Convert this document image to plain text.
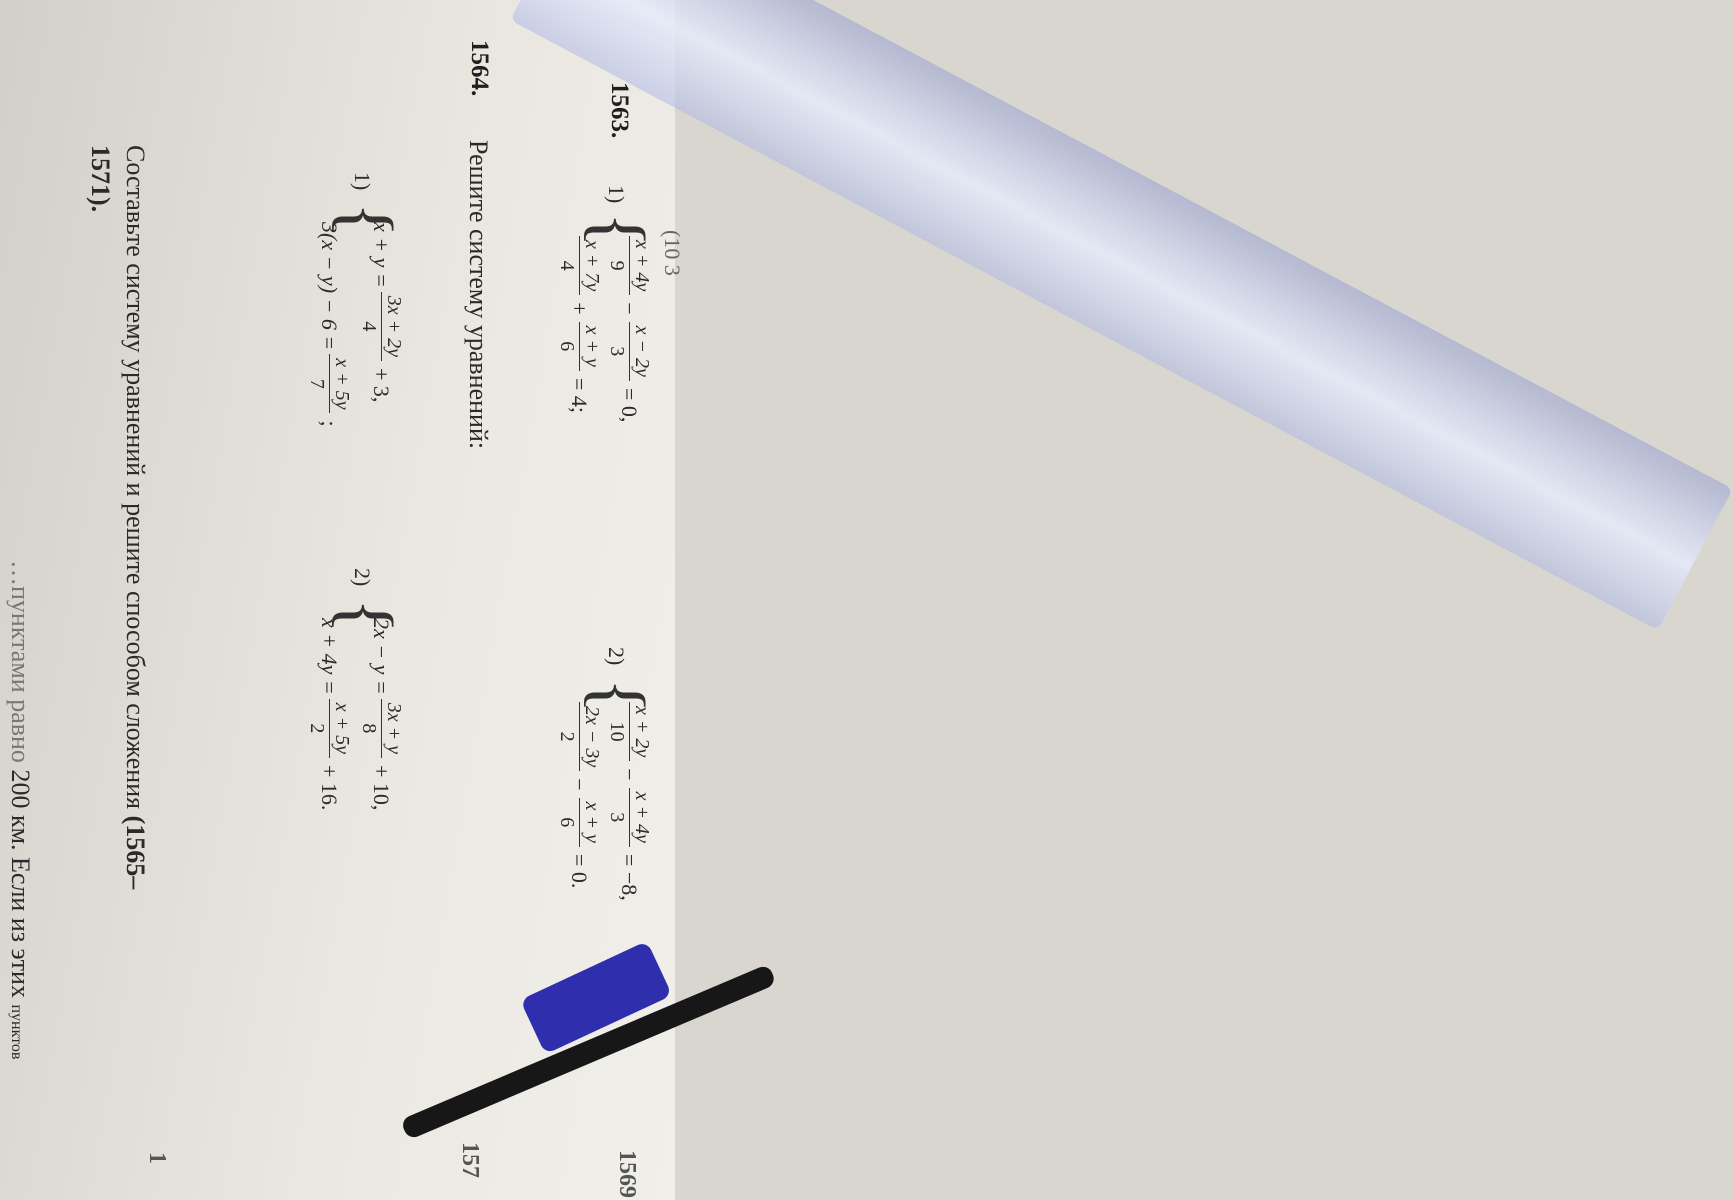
(10 3
1563.
1)
{
x + 4y
9
−
x − 2y
3
= 0,
x + 7y
4
+
x + y
6
= 4;
2)
{
x + 2y
10
−
x + 4y
3
= −8,
2x − 3y
2
−
x + y
6
= 0.
1569
1564.
Решите систему уравнений:
1)
{
x + y =
3x + 2y
4
+ 3,
3(x − y) − 6 =
x + 5y
7
;
2)
{
2x − y =
3x + y
8
+ 10,
x + 4y =
x + 5y
2
+ 16.
157
Составьте систему уравнений и решите способом сложения (1565–
1571).
1
…пунктами равно 200 км. Если из этих пунктов
